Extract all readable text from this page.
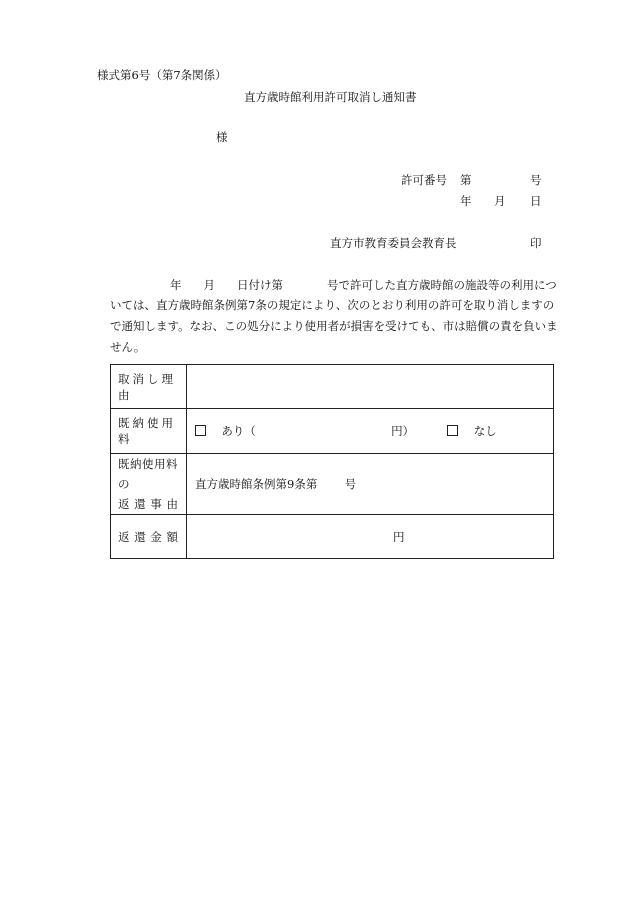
様式第6号（第7条関係）
直方歳時館利用許可取消し通知書
様
許可番号 第	号
年 月 日
直方市教育委員会教育長	印
年 月 日付け第	号で許可した直方歳時館の施設等の利用につ
いては、直方歳時館条例第7条の規定により、次のとおり利用の許可を取り消しますの
で通知します。なお、この処分により使用者が損害を受けても、市は賠償の責を負いま
せん。
取消し理由	
既納使用料	あり（ 円） なし

既納使用料の
返 還 事 由	直方歳時館条例第9条第 号
返 還 金 額	円
